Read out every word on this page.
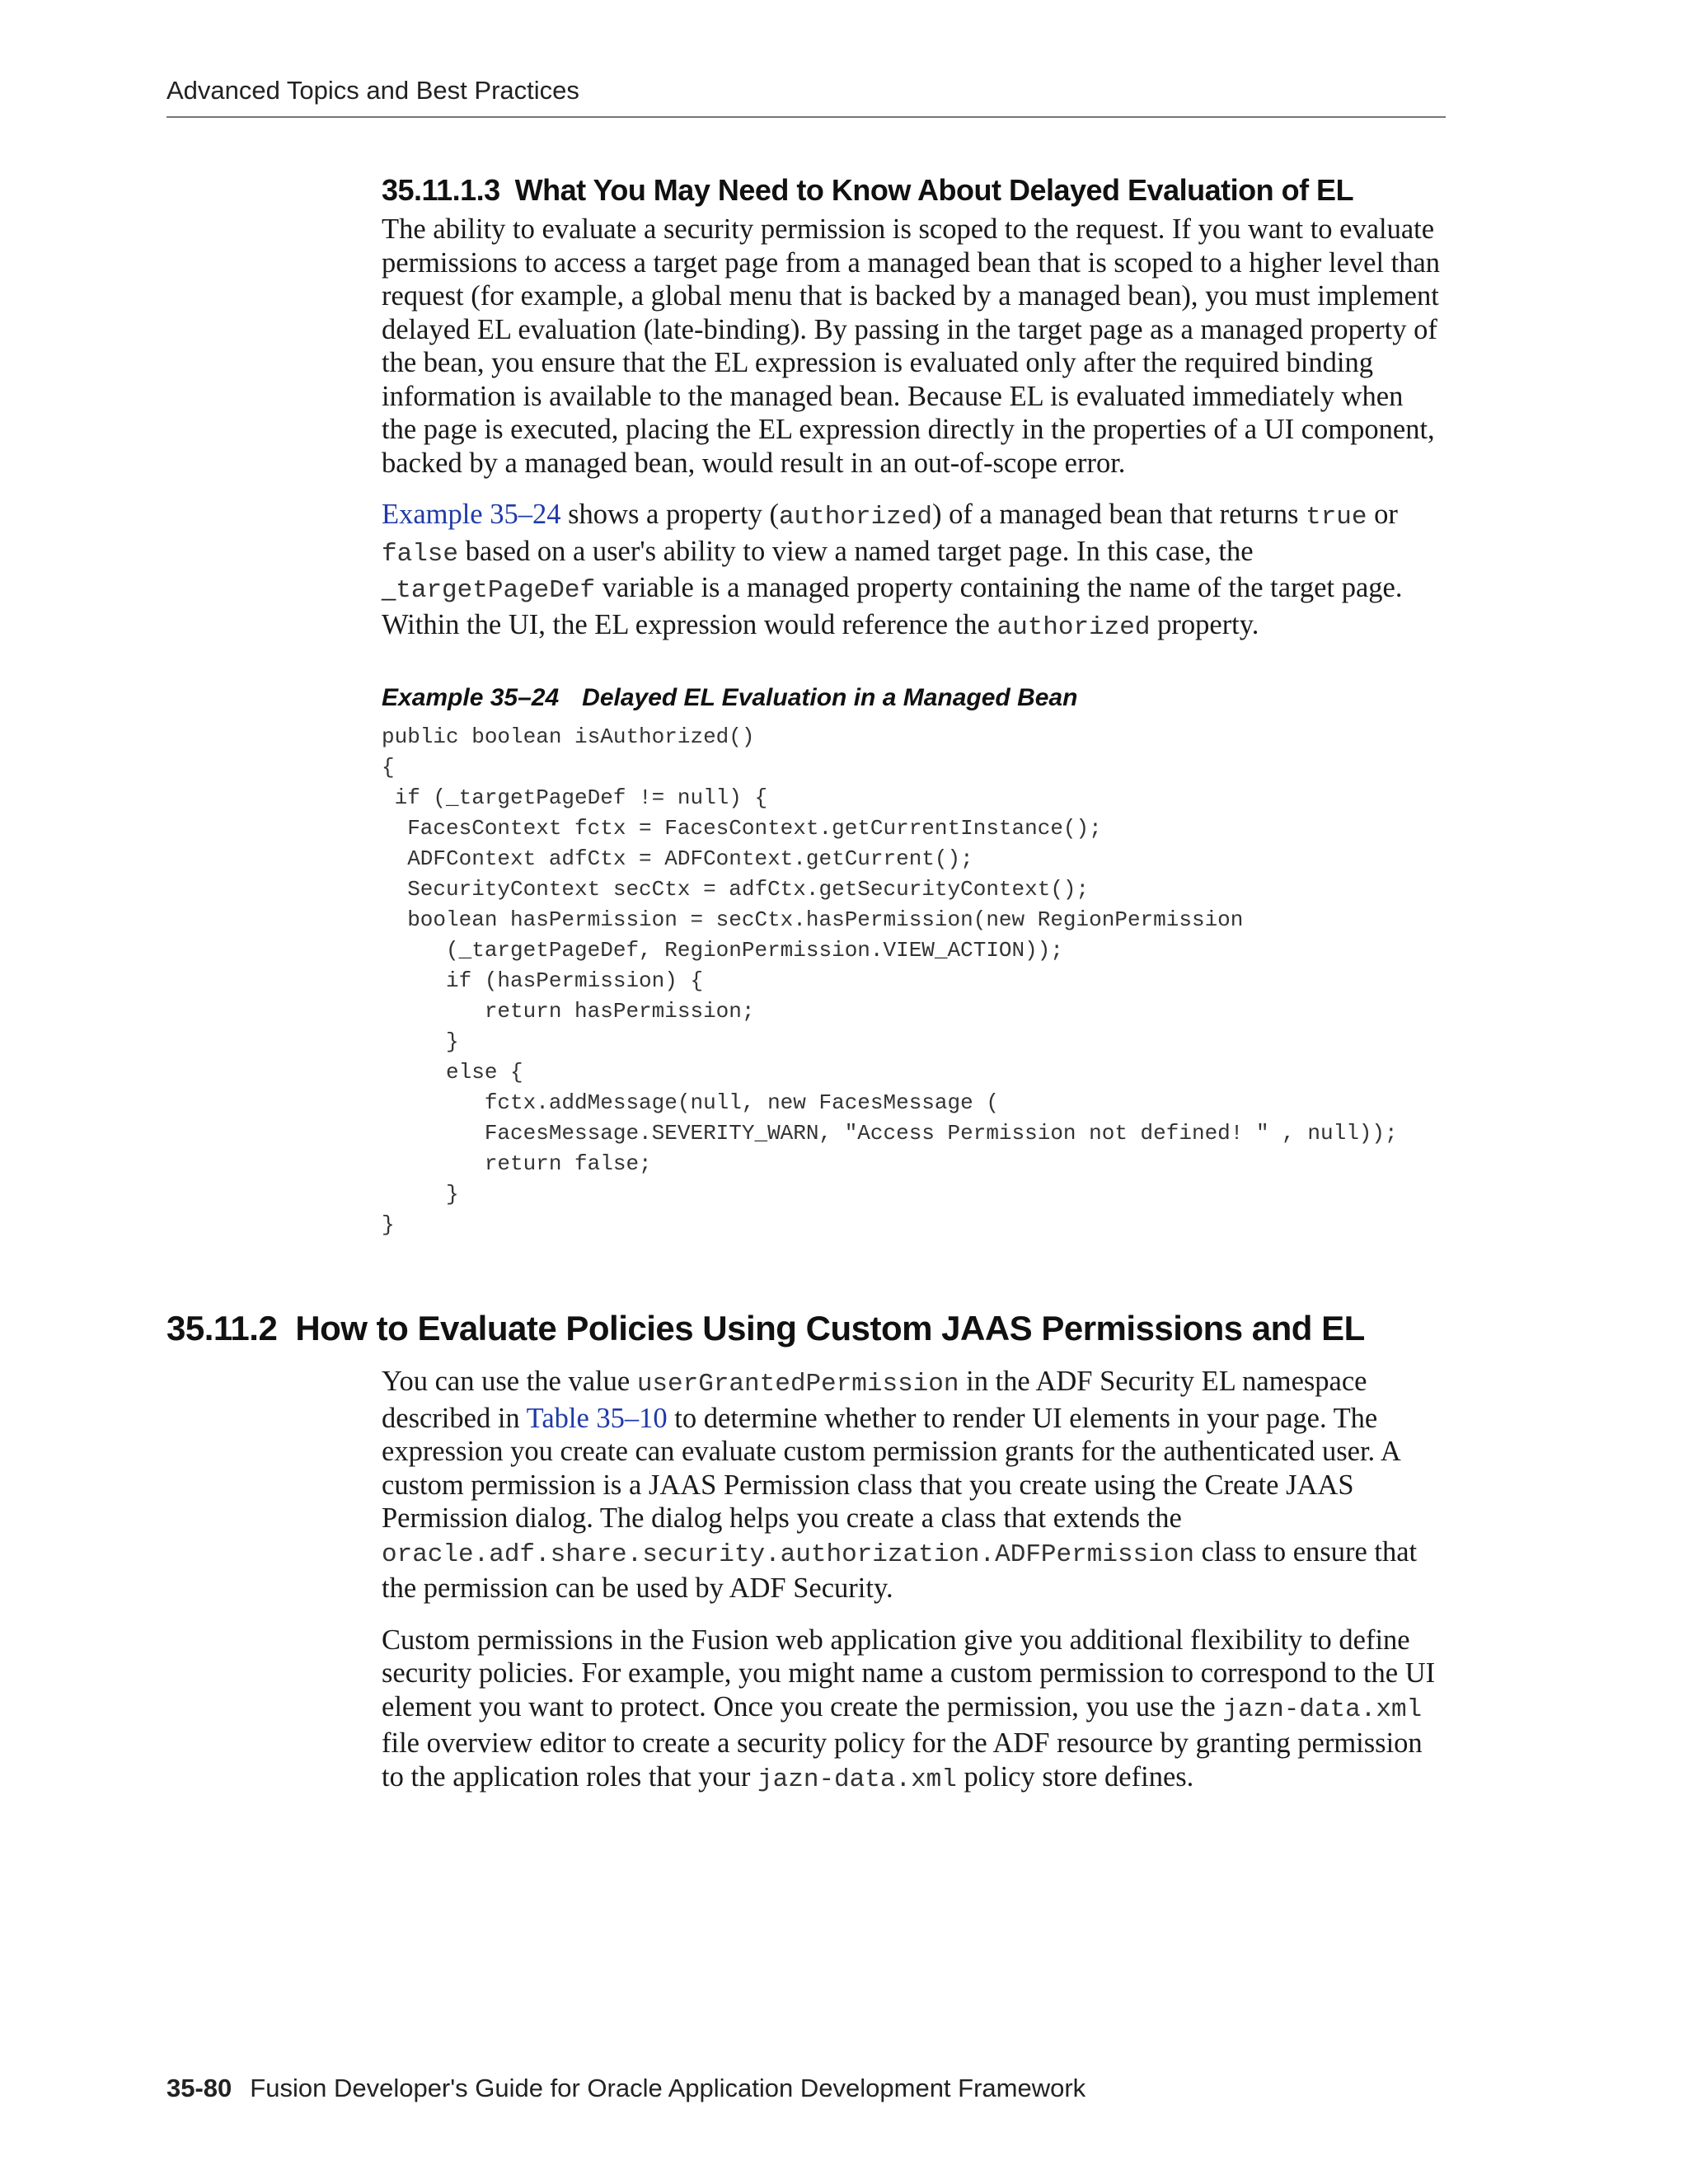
Advanced Topics and Best Practices
35.11.1.3 What You May Need to Know About Delayed Evaluation of EL

The ability to evaluate a security permission is scoped to the request. If you want to evaluate permissions to access a target page from a managed bean that is scoped to a higher level than request (for example, a global menu that is backed by a managed bean), you must implement delayed EL evaluation (late-binding). By passing in the target page as a managed property of the bean, you ensure that the EL expression is evaluated only after the required binding information is available to the managed bean. Because EL is evaluated immediately when the page is executed, placing the EL expression directly in the properties of a UI component, backed by a managed bean, would result in an out-of-scope error.

Example 35–24 shows a property (authorized) of a managed bean that returns true or false based on a user's ability to view a named target page. In this case, the _targetPageDef variable is a managed property containing the name of the target page. Within the UI, the EL expression would reference the authorized property.

Example 35–24 Delayed EL Evaluation in a Managed Bean
public boolean isAuthorized()
{
if (_targetPageDef != null) {
FacesContext fctx = FacesContext.getCurrentInstance();
ADFContext adfCtx = ADFContext.getCurrent();
SecurityContext secCtx = adfCtx.getSecurityContext();
boolean hasPermission = secCtx.hasPermission(new RegionPermission
(_targetPageDef, RegionPermission.VIEW_ACTION));
if (hasPermission) {
return hasPermission;
}
else {
fctx.addMessage(null, new FacesMessage (
FacesMessage.SEVERITY_WARN, "Access Permission not defined! " , null));
return false;
}
}
35.11.2 How to Evaluate Policies Using Custom JAAS Permissions and EL

You can use the value userGrantedPermission in the ADF Security EL namespace described in Table 35–10 to determine whether to render UI elements in your page. The expression you create can evaluate custom permission grants for the authenticated user. A custom permission is a JAAS Permission class that you create using the Create JAAS Permission dialog. The dialog helps you create a class that extends the oracle.adf.share.security.authorization.ADFPermission class to ensure that the permission can be used by ADF Security.

Custom permissions in the Fusion web application give you additional flexibility to define security policies. For example, you might name a custom permission to correspond to the UI element you want to protect. Once you create the permission, you use the jazn-data.xml file overview editor to create a security policy for the ADF resource by granting permission to the application roles that your jazn-data.xml policy store defines.

35-80 Fusion Developer's Guide for Oracle Application Development Framework
